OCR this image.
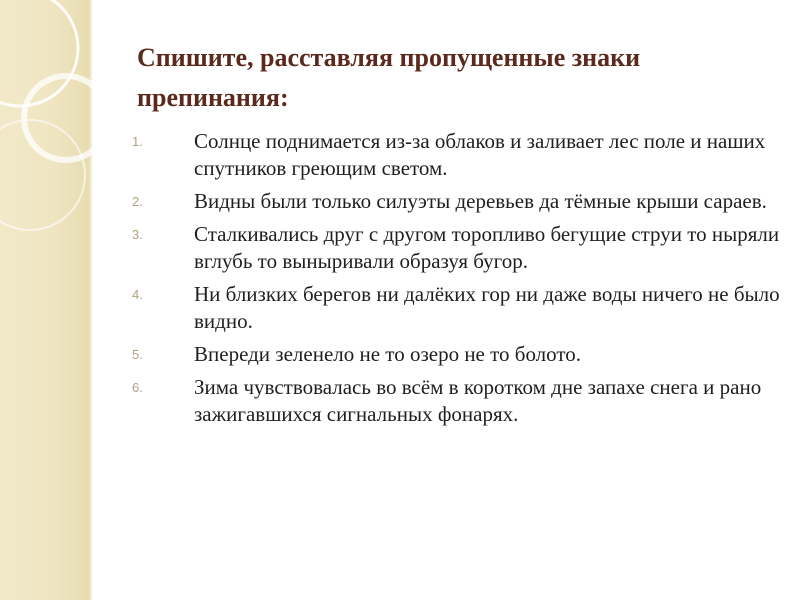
Спишите, расставляя пропущенные знаки препинания:
1.	Солнце поднимается из-за облаков и заливает лес поле и наших спутников греющим светом.
2.	Видны были только силуэты деревьев да тёмные крыши сараев.
3.	Сталкивались друг с другом торопливо бегущие струи то ныряли вглубь то выныривали образуя бугор.
4.	Ни близких берегов ни далёких гор ни даже воды ничего не было видно.
5.	Впереди зеленело не то озеро не то болото.
6.	Зима чувствовалась во всём в коротком дне запахе снега и рано зажигавшихся сигнальных фонарях.
